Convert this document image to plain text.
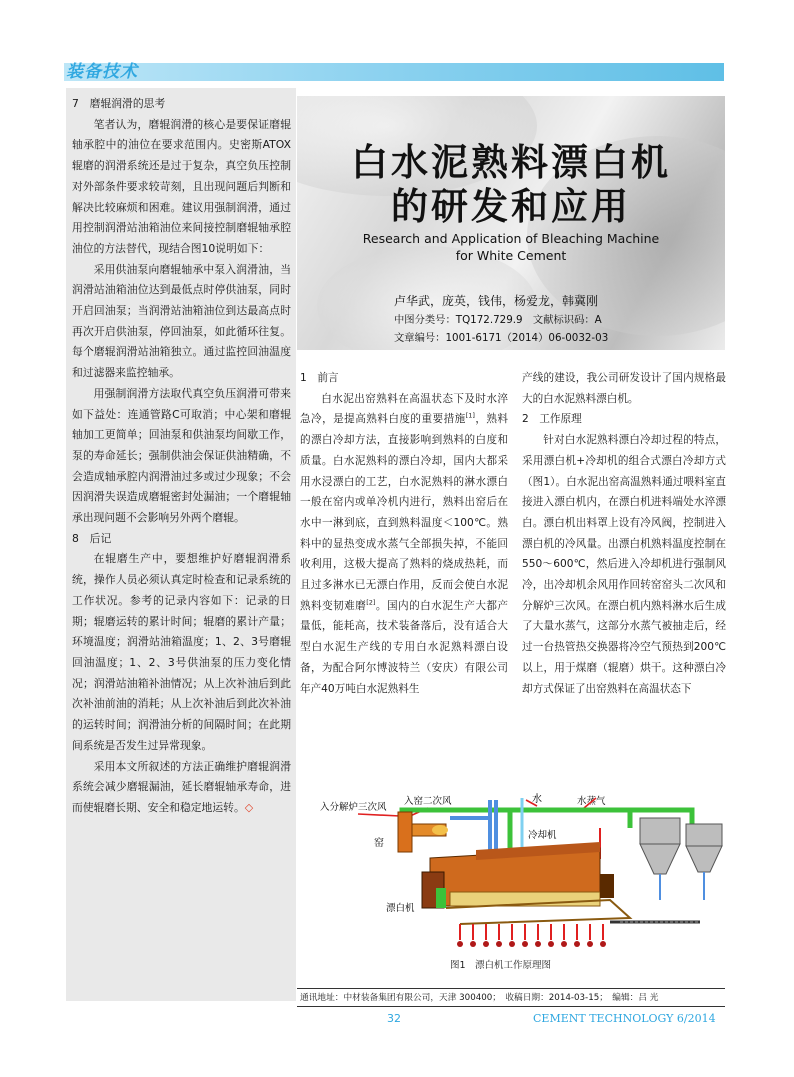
装备技术
7　磨辊润滑的思考
笔者认为，磨辊润滑的核心是要保证磨辊轴承腔中的油位在要求范围内。史密斯ATOX辊磨的润滑系统还是过于复杂，真空负压控制对外部条件要求较苛刻，且出现问题后判断和解决比较麻烦和困难。建议用强制润滑，通过用控制润滑站油箱油位来间接控制磨辊轴承腔油位的方法替代，现结合图10说明如下：
采用供油泵向磨辊轴承中泵入润滑油，当润滑站油箱油位达到最低点时停供油泵，同时开启回油泵；当润滑站油箱油位到达最高点时再次开启供油泵，停回油泵，如此循环往复。每个磨辊润滑站油箱独立。通过监控回油温度和过滤器来监控轴承。
用强制润滑方法取代真空负压润滑可带来如下益处：连通管路C可取消；中心架和磨辊轴加工更简单；回油泵和供油泵均间歇工作，泵的寿命延长；强制供油会保证供油精确，不会造成轴承腔内润滑油过多或过少现象；不会因润滑失误造成磨辊密封处漏油；一个磨辊轴承出现问题不会影响另外两个磨辊。
8　后记
在辊磨生产中，要想维护好磨辊润滑系统，操作人员必须认真定时检查和记录系统的工作状况。参考的记录内容如下：记录的日期；辊磨运转的累计时间；辊磨的累计产量；环境温度；润滑站油箱温度；1、2、3号磨辊回油温度；1、2、3号供油泵的压力变化情况；润滑站油箱补油情况；从上次补油后到此次补油前油的消耗；从上次补油后到此次补油的运转时间；润滑油分析的间隔时间；在此期间系统是否发生过异常现象。
采用本文所叙述的方法正确维护磨辊润滑系统会减少磨辊漏油，延长磨辊轴承寿命，进而使辊磨长期、安全和稳定地运转。◇
白水泥熟料漂白机
的研发和应用
Research and Application of Bleaching Machine
for White Cement
卢华武，庞英，钱伟，杨爱龙，韩冀刚
中图分类号：TQ172.729.9　文献标识码：A
文章编号：1001-6171（2014）06-0032-03
1　前言
白水泥出窑熟料在高温状态下及时水淬急冷，是提高熟料白度的重要措施[1]，熟料的漂白冷却方法，直接影响到熟料的白度和质量。白水泥熟料的漂白冷却，国内大都采用水浸漂白的工艺，白水泥熟料的淋水漂白一般在窑内或单冷机内进行，熟料出窑后在水中一淋到底，直到熟料温度＜100℃。熟料中的显热变成水蒸气全部损失掉，不能回收利用，这极大提高了熟料的烧成热耗，而且过多淋水已无漂白作用，反而会使白水泥熟料变韧难磨[2]。国内的白水泥生产大都产量低，能耗高，技术装备落后，没有适合大型白水泥生产线的专用白水泥熟料漂白设备，为配合阿尔博波特兰（安庆）有限公司年产40万吨白水泥熟料生
产线的建设，我公司研发设计了国内规格最大的白水泥熟料漂白机。
2　工作原理
针对白水泥熟料漂白冷却过程的特点，采用漂白机+冷却机的组合式漂白冷却方式（图1）。白水泥出窑高温熟料通过喂料室直接进入漂白机内，在漂白机进料端处水淬漂白。漂白机出料罩上设有冷风阀，控制进入漂白机的冷风量。出漂白机熟料温度控制在550～600℃，然后进入冷却机进行强制风冷，出冷却机余风用作回转窑窑头二次风和分解炉三次风。在漂白机内熟料淋水后生成了大量水蒸气，这部分水蒸气被抽走后，经过一台热管热交换器将冷空气预热到200℃以上，用于煤磨（辊磨）烘干。这种漂白冷却方式保证了出窑熟料在高温状态下
入分解炉三次风
入窑二次风	水	水蒸气
冷却机
窑
漂白机
图1　漂白机工作原理图
通讯地址：中材装备集团有限公司，天津 300400；　收稿日期：2014-03-15；　编辑：吕 光
32	CEMENT TECHNOLOGY 6/2014
